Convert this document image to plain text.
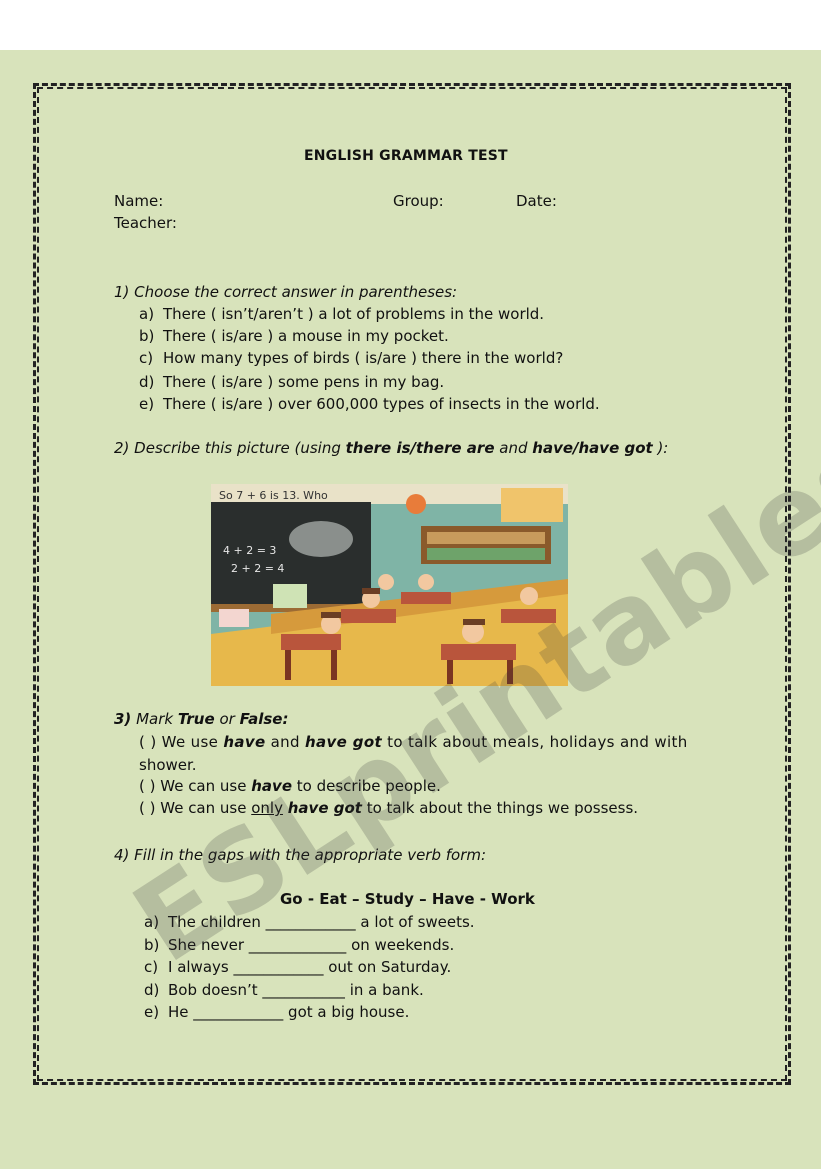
ENGLISH GRAMMAR TEST
Name:	Group:	Date:
Teacher:
1) Choose the correct answer in parentheses:
a) There ( isn’t/aren’t ) a lot of problems in the world.
b) There ( is/are ) a mouse in my pocket.
c) How many types of birds ( is/are ) there in the world?
d) There ( is/are ) some pens in my bag.
e) There ( is/are ) over 600,000 types of insects in the world.
2) Describe this picture (using there is/there are and have/have got ):
So 7 + 6 is 13. Who
4 + 2 = 3
2 + 2 = 4
3) Mark True or False:
( ) We use have and have got to talk about meals, holidays and with
shower.
( ) We can use have to describe people.
( ) We can use only have got to talk about the things we possess.
4) Fill in the gaps with the appropriate verb form:
Go - Eat – Study – Have - Work
a) The children ____________ a lot of sweets.
b) She never _____________ on weekends.
c) I always ____________ out on Saturday.
d) Bob doesn’t ___________ in a bank.
e) He ____________ got a big house.
